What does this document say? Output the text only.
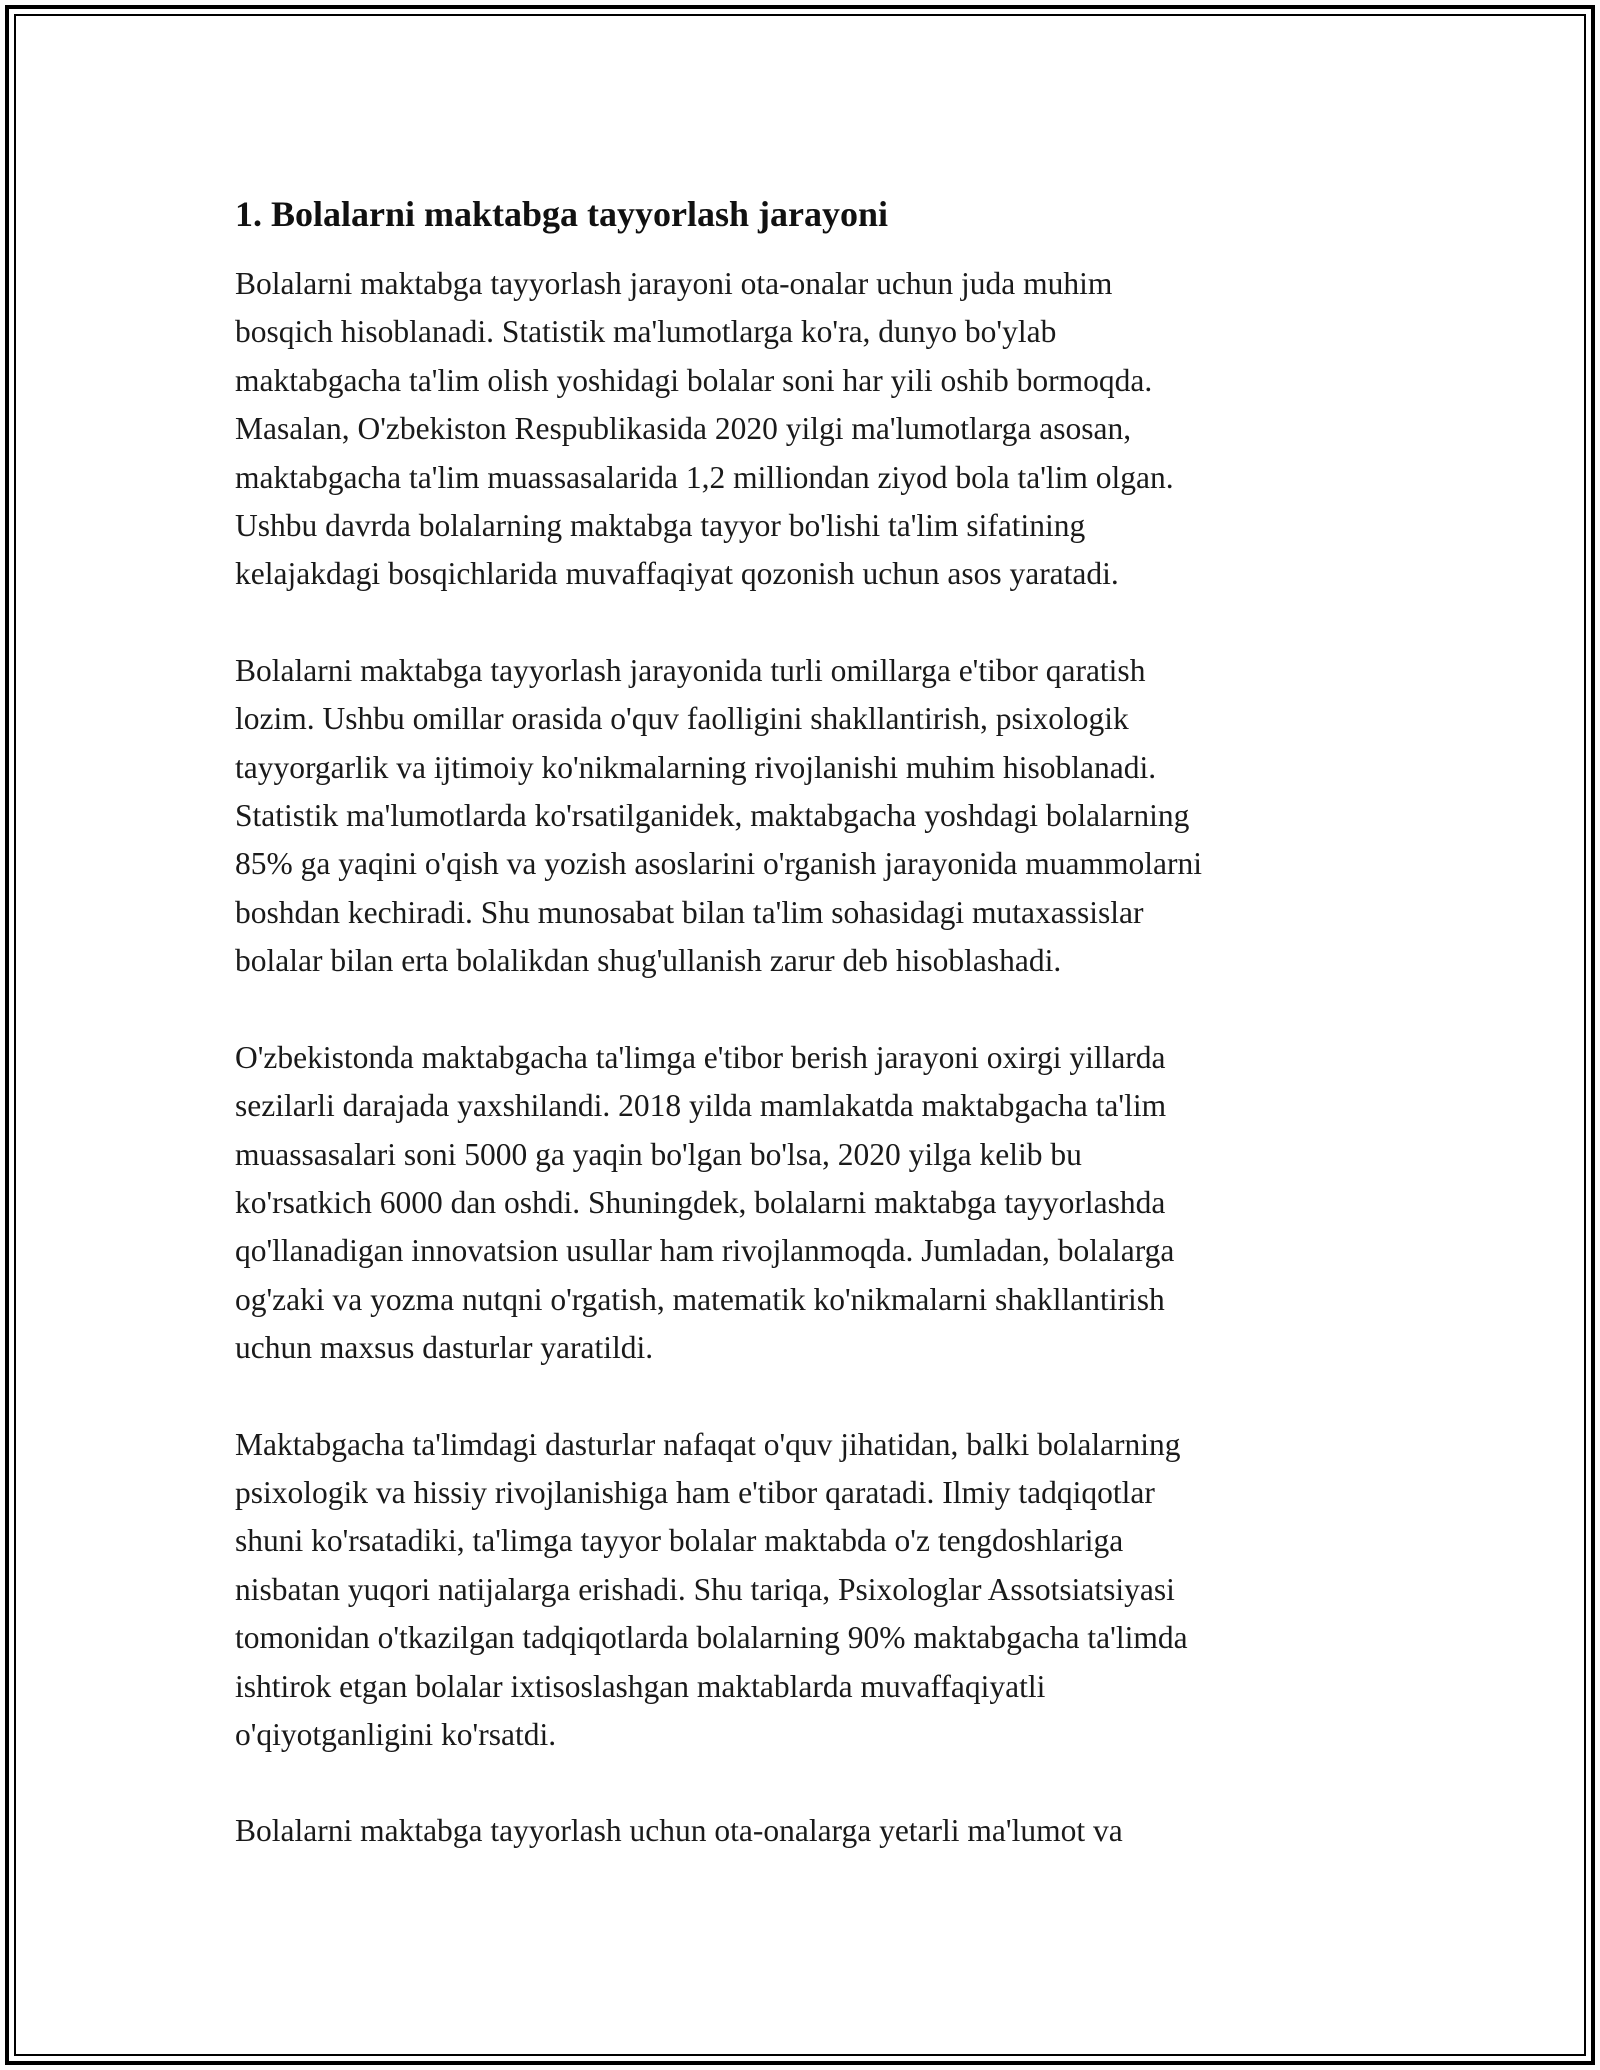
1. Bolalarni maktabga tayyorlash jarayoni

Bolalarni maktabga tayyorlash jarayoni ota-onalar uchun juda muhim
bosqich hisoblanadi. Statistik ma'lumotlarga ko'ra, dunyo bo'ylab
maktabgacha ta'lim olish yoshidagi bolalar soni har yili oshib bormoqda.
Masalan, O'zbekiston Respublikasida 2020 yilgi ma'lumotlarga asosan,
maktabgacha ta'lim muassasalarida 1,2 milliondan ziyod bola ta'lim olgan.
Ushbu davrda bolalarning maktabga tayyor bo'lishi ta'lim sifatining
kelajakdagi bosqichlarida muvaffaqiyat qozonish uchun asos yaratadi.

Bolalarni maktabga tayyorlash jarayonida turli omillarga e'tibor qaratish
lozim. Ushbu omillar orasida o'quv faolligini shakllantirish, psixologik
tayyorgarlik va ijtimoiy ko'nikmalarning rivojlanishi muhim hisoblanadi.
Statistik ma'lumotlarda ko'rsatilganidek, maktabgacha yoshdagi bolalarning
85% ga yaqini o'qish va yozish asoslarini o'rganish jarayonida muammolarni
boshdan kechiradi. Shu munosabat bilan ta'lim sohasidagi mutaxassislar
bolalar bilan erta bolalikdan shug'ullanish zarur deb hisoblashadi.

O'zbekistonda maktabgacha ta'limga e'tibor berish jarayoni oxirgi yillarda
sezilarli darajada yaxshilandi. 2018 yilda mamlakatda maktabgacha ta'lim
muassasalari soni 5000 ga yaqin bo'lgan bo'lsa, 2020 yilga kelib bu
ko'rsatkich 6000 dan oshdi. Shuningdek, bolalarni maktabga tayyorlashda
qo'llanadigan innovatsion usullar ham rivojlanmoqda. Jumladan, bolalarga
og'zaki va yozma nutqni o'rgatish, matematik ko'nikmalarni shakllantirish
uchun maxsus dasturlar yaratildi.

Maktabgacha ta'limdagi dasturlar nafaqat o'quv jihatidan, balki bolalarning
psixologik va hissiy rivojlanishiga ham e'tibor qaratadi. Ilmiy tadqiqotlar
shuni ko'rsatadiki, ta'limga tayyor bolalar maktabda o'z tengdoshlariga
nisbatan yuqori natijalarga erishadi. Shu tariqa, Psixologlar Assotsiatsiyasi
tomonidan o'tkazilgan tadqiqotlarda bolalarning 90% maktabgacha ta'limda
ishtirok etgan bolalar ixtisoslashgan maktablarda muvaffaqiyatli
o'qiyotganligini ko'rsatdi.

Bolalarni maktabga tayyorlash uchun ota-onalarga yetarli ma'lumot va
